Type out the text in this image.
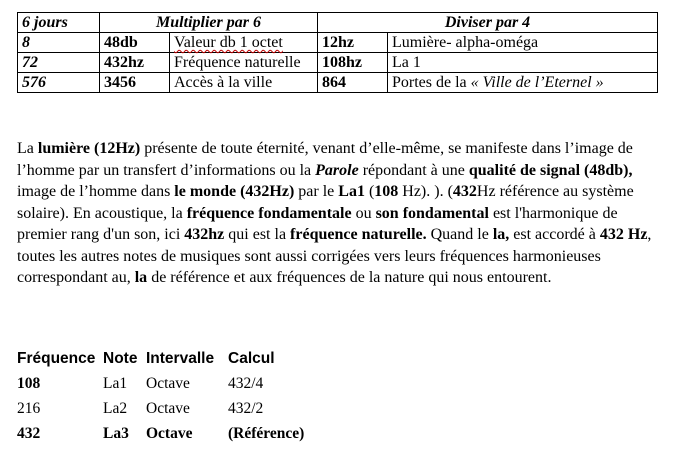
6 jours	Multiplier par 6		Diviser par 4	
8	48db	Valeur db 1 octet	12hz	Lumière- alpha-oméga
72	432hz	Fréquence naturelle	108hz	La 1
576	3456	Accès à la ville	864	Portes de la « Ville de l’Eternel »

La lumière (12Hz) présente de toute éternité, venant d’elle-même, se manifeste dans l’image de l’homme par un transfert d’informations ou la Parole répondant à une qualité de signal (48db), image de l’homme dans le monde (432Hz) par le La1 (108 Hz). ). (432Hz référence au système solaire). En acoustique, la fréquence fondamentale ou son fondamental est l'harmonique de premier rang d'un son, ici 432hz qui est la fréquence naturelle. Quand le la, est accordé à 432 Hz, toutes les autres notes de musiques sont aussi corrigées vers leurs fréquences harmonieuses correspondant au, la de référence et aux fréquences de la nature qui nous entourent.

Fréquence	Note	Intervalle	Calcul
108	La1	Octave	432/4
216	La2	Octave	432/2
432	La3	Octave	(Référence)
